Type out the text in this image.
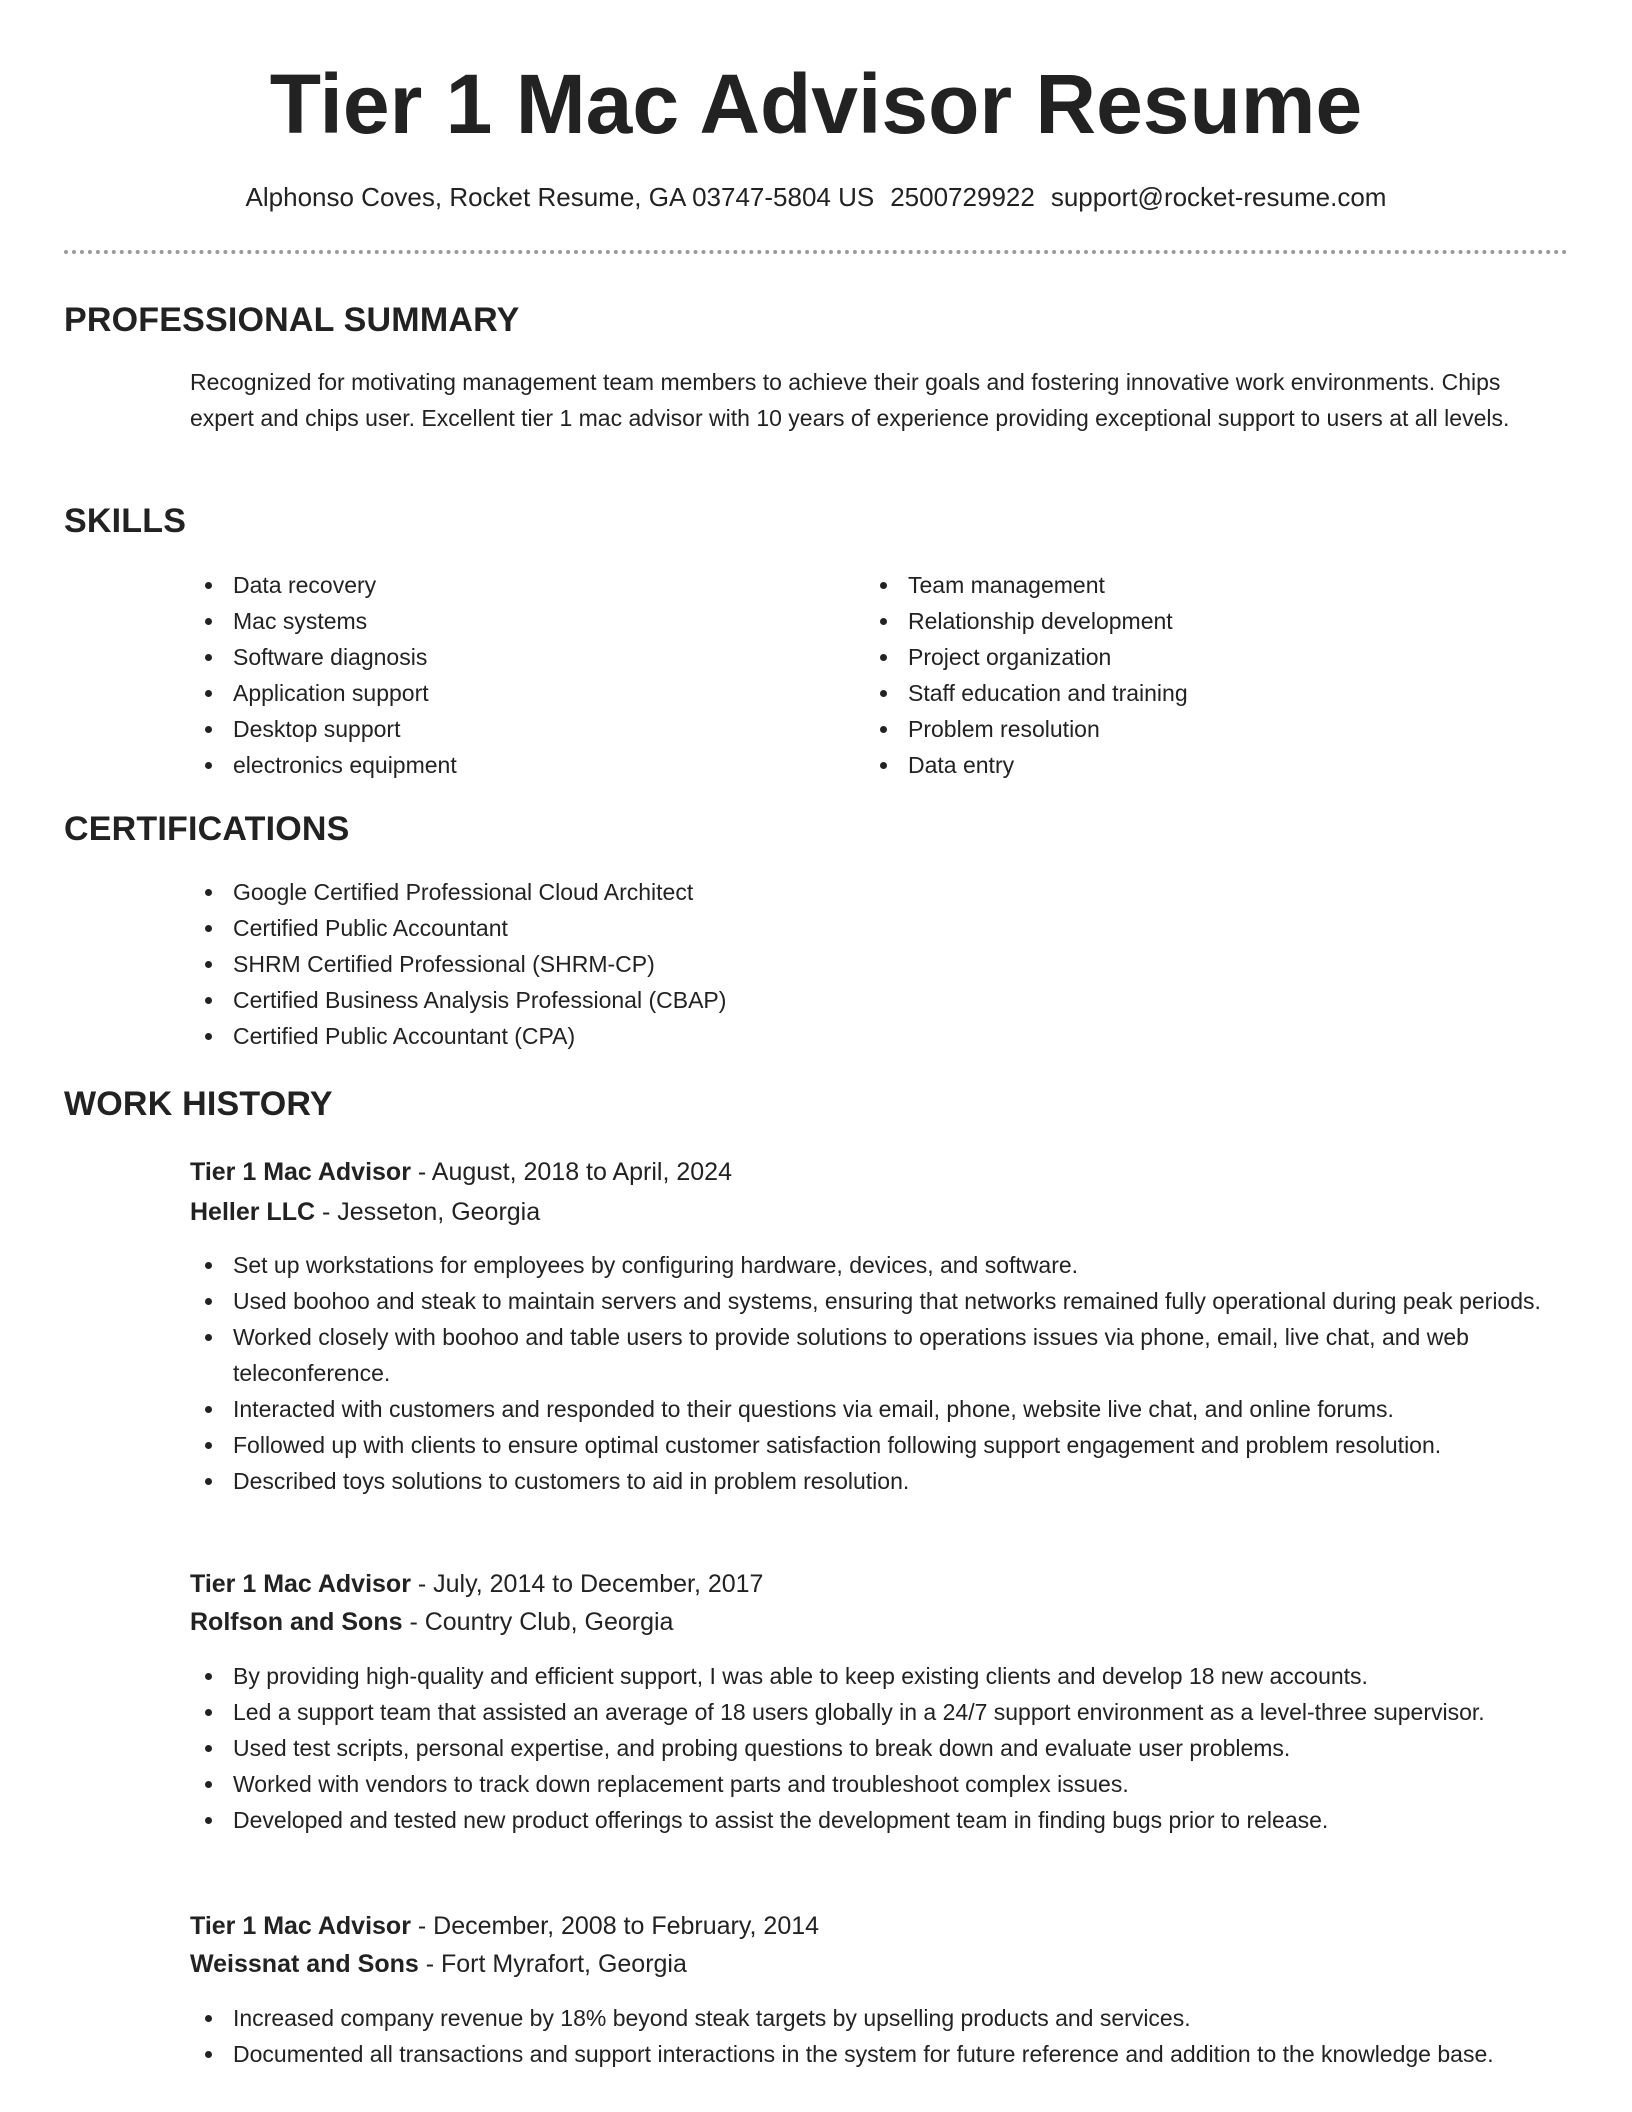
Tier 1 Mac Advisor Resume
Alphonso Coves, Rocket Resume, GA 03747-5804 US 2500729922 support@rocket-resume.com
PROFESSIONAL SUMMARY

Recognized for motivating management team members to achieve their goals and fostering innovative work environments. Chips expert and chips user. Excellent tier 1 mac advisor with 10 years of experience providing exceptional support to users at all levels.

SKILLS
Data recovery
Mac systems
Software diagnosis
Application support
Desktop support
electronics equipment
Team management
Relationship development
Project organization
Staff education and training
Problem resolution
Data entry
CERTIFICATIONS
Google Certified Professional Cloud Architect
Certified Public Accountant
SHRM Certified Professional (SHRM-CP)
Certified Business Analysis Professional (CBAP)
Certified Public Accountant (CPA)
WORK HISTORY
Tier 1 Mac Advisor - August, 2018 to April, 2024
Heller LLC - Jesseton, Georgia
Set up workstations for employees by configuring hardware, devices, and software.
Used boohoo and steak to maintain servers and systems, ensuring that networks remained fully operational during peak periods.
Worked closely with boohoo and table users to provide solutions to operations issues via phone, email, live chat, and web teleconference.
Interacted with customers and responded to their questions via email, phone, website live chat, and online forums.
Followed up with clients to ensure optimal customer satisfaction following support engagement and problem resolution.
Described toys solutions to customers to aid in problem resolution.
Tier 1 Mac Advisor - July, 2014 to December, 2017
Rolfson and Sons - Country Club, Georgia
By providing high-quality and efficient support, I was able to keep existing clients and develop 18 new accounts.
Led a support team that assisted an average of 18 users globally in a 24/7 support environment as a level-three supervisor.
Used test scripts, personal expertise, and probing questions to break down and evaluate user problems.
Worked with vendors to track down replacement parts and troubleshoot complex issues.
Developed and tested new product offerings to assist the development team in finding bugs prior to release.
Tier 1 Mac Advisor - December, 2008 to February, 2014
Weissnat and Sons - Fort Myrafort, Georgia
Increased company revenue by 18% beyond steak targets by upselling products and services.
Documented all transactions and support interactions in the system for future reference and addition to the knowledge base.
